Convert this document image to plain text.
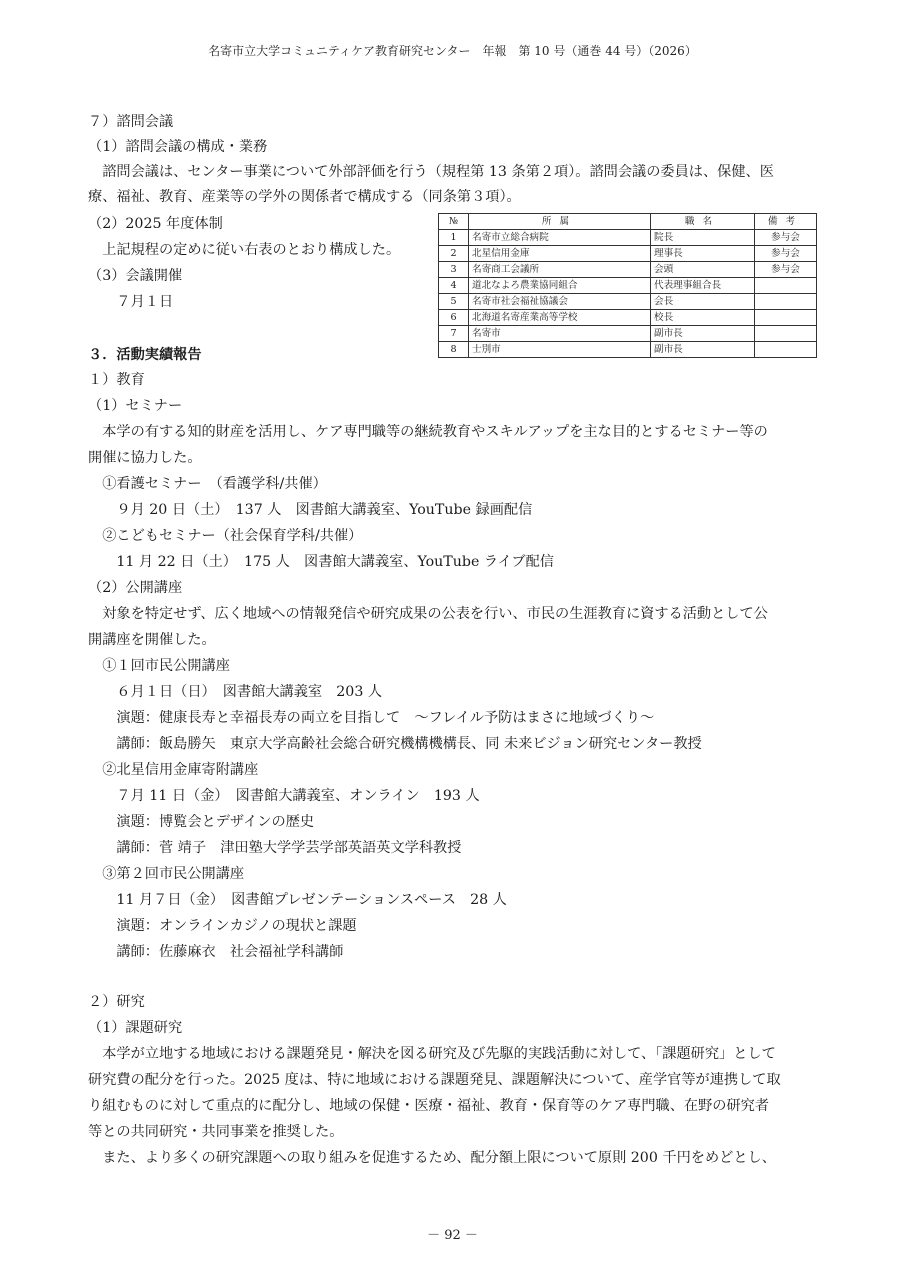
名寄市立大学コミュニティケア教育研究センター　年報　第 10 号（通巻 44 号）（2026）
７）諮問会議
（1）諮問会議の構成・業務
　諮問会議は、センター事業について外部評価を行う（規程第 13 条第２項）。諮問会議の委員は、保健、医
療、福祉、教育、産業等の学外の関係者で構成する（同条第３項）。
（2）2025 年度体制
　上記規程の定めに従い右表のとおり構成した。
（3）会議開催
　　７月１日
№	所属	職名	備考
1	名寄市立総合病院	院長	参与会
2	北星信用金庫	理事長	参与会
3	名寄商工会議所	会頭	参与会
4	道北なよろ農業協同組合	代表理事組合長	
5	名寄市社会福祉協議会	会長	
6	北海道名寄産業高等学校	校長	
7	名寄市	副市長	
8	士別市	副市長	
３．活動実績報告
１）教育
（1）セミナー
　本学の有する知的財産を活用し、ケア専門職等の継続教育やスキルアップを主な目的とするセミナー等の
開催に協力した。
　①看護セミナー　（看護学科/共催）
　　９月 20 日（土）　137 人　図書館大講義室、YouTube 録画配信
　②こどもセミナー（社会保育学科/共催）
　　11 月 22 日（土）　175 人　図書館大講義室、YouTube ライブ配信
（2）公開講座
　対象を特定せず、広く地域への情報発信や研究成果の公表を行い、市民の生涯教育に資する活動として公
開講座を開催した。
　①１回市民公開講座
　　６月１日（日）　図書館大講義室　203 人
　　演題：健康長寿と幸福長寿の両立を目指して　～フレイル予防はまさに地域づくり～
　　講師：飯島勝矢　東京大学高齢社会総合研究機構機構長、同 未来ビジョン研究センター教授
　②北星信用金庫寄附講座
　　７月 11 日（金）　図書館大講義室、オンライン　193 人
　　演題：博覧会とデザインの歴史
　　講師：菅 靖子　津田塾大学学芸学部英語英文学科教授
　③第２回市民公開講座
　　11 月７日（金）　図書館プレゼンテーションスペース　28 人
　　演題：オンラインカジノの現状と課題
　　講師：佐藤麻衣　社会福祉学科講師
２）研究
（1）課題研究
　本学が立地する地域における課題発見・解決を図る研究及び先駆的実践活動に対して、「課題研究」として
研究費の配分を行った。2025 度は、特に地域における課題発見、課題解決について、産学官等が連携して取
り組むものに対して重点的に配分し、地域の保健・医療・福祉、教育・保育等のケア専門職、在野の研究者
等との共同研究・共同事業を推奨した。
　また、より多くの研究課題への取り組みを促進するため、配分額上限について原則 200 千円をめどとし、
－ 92 －
